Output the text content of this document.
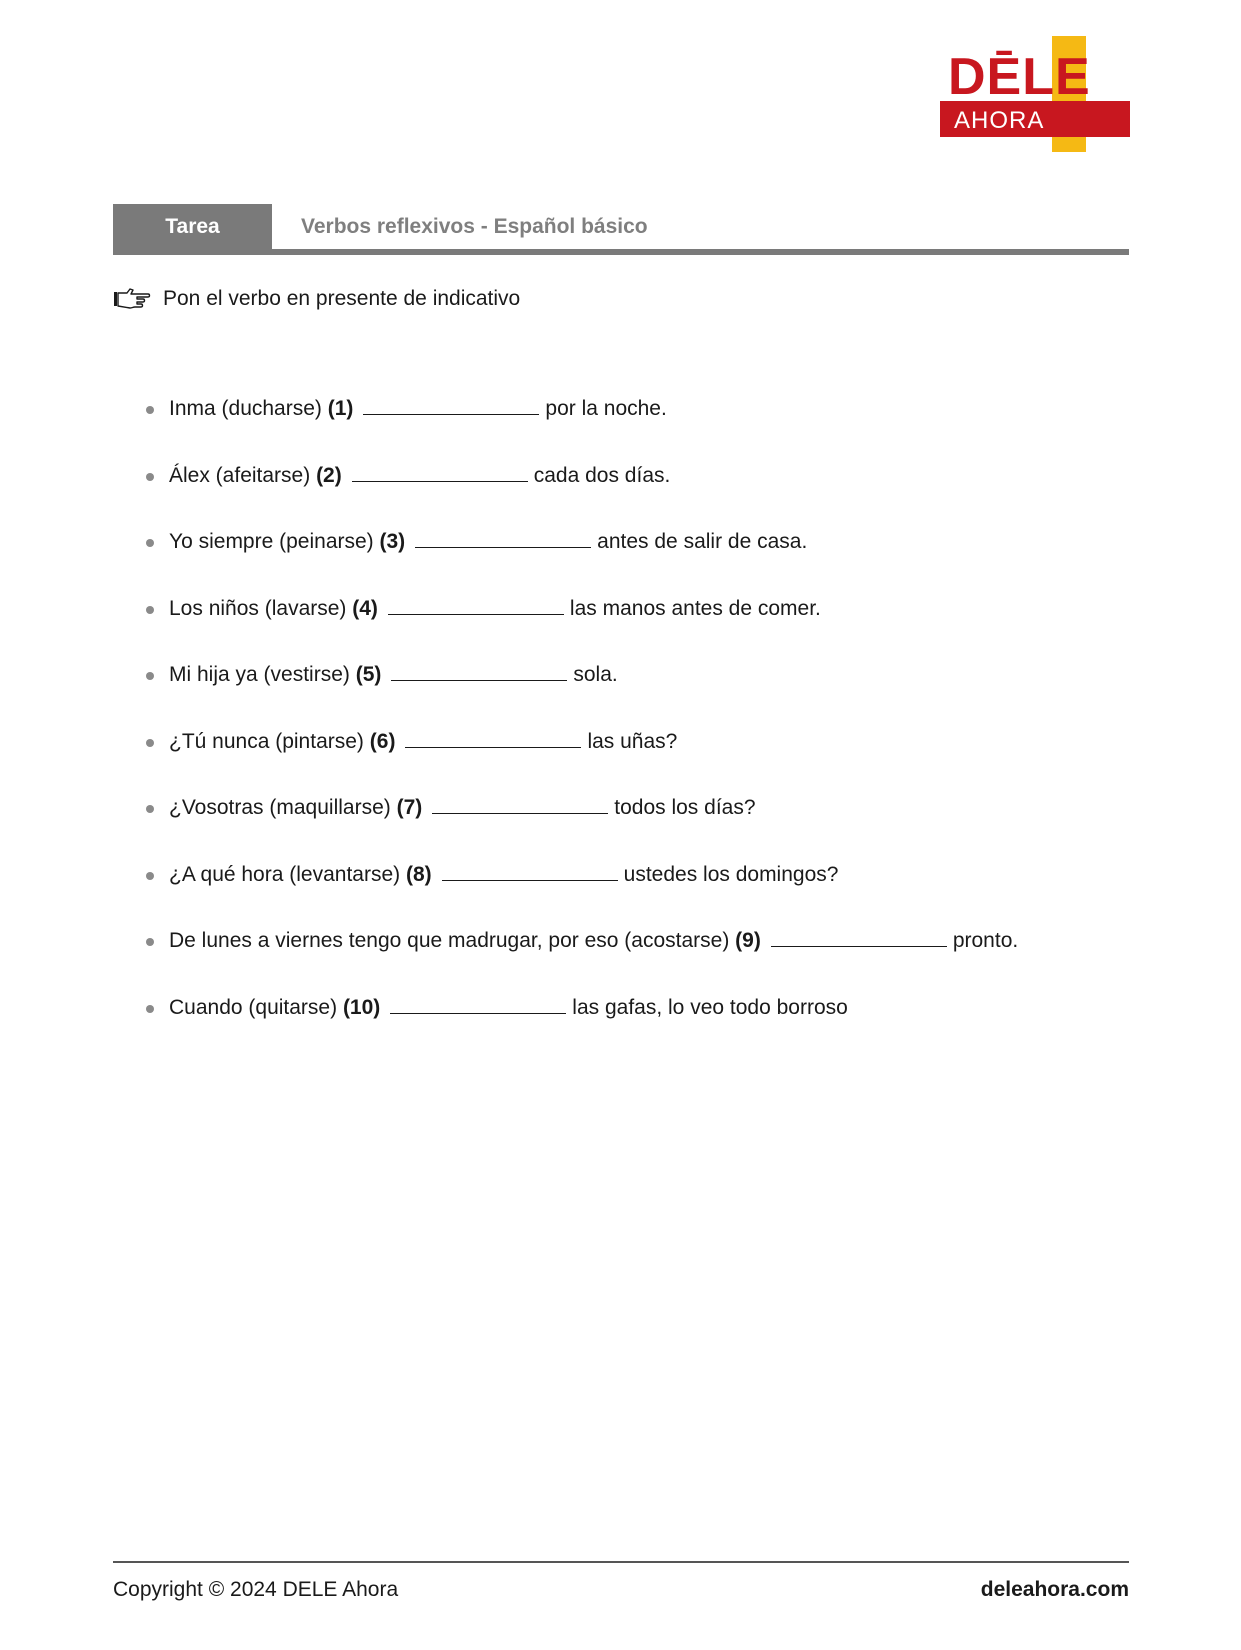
DĒLE
AHORA
Tarea	Verbos reflexivos - Español básico
Pon el verbo en presente de indicativo
Inma (ducharse) (1)	por la noche.
Álex (afeitarse) (2)	cada dos días.
Yo siempre (peinarse) (3)	antes de salir de casa.
Los niños (lavarse) (4)	las manos antes de comer.
Mi hija ya (vestirse) (5)	sola.
¿Tú nunca (pintarse) (6)	las uñas?
¿Vosotras (maquillarse) (7)	todos los días?
¿A qué hora (levantarse) (8)	ustedes los domingos?
De lunes a viernes tengo que madrugar, por eso (acostarse) (9)	pronto.
Cuando (quitarse) (10)	las gafas, lo veo todo borroso
Copyright © 2024 DELE Ahora	deleahora.com
